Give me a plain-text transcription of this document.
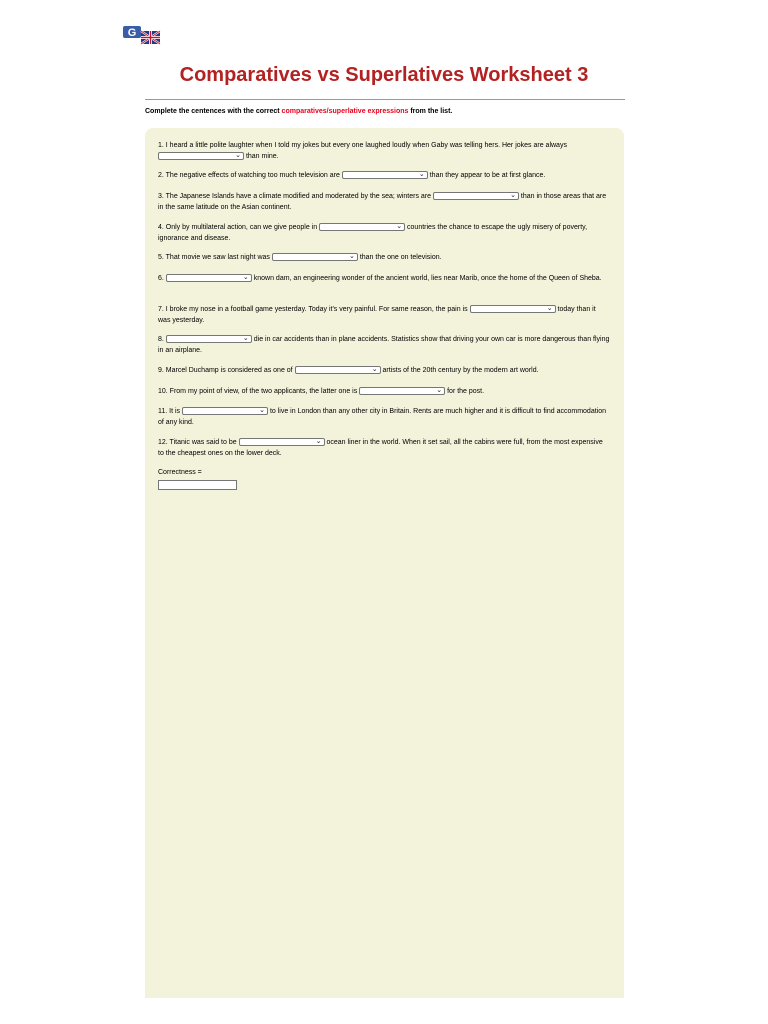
G
Comparatives vs Superlatives Worksheet 3
Complete the centences with the correct comparatives/superlative expressions from the list.
1. I heard a little polite laughter when I told my jokes but every one laughed loudly when Gaby was telling hers. Her jokes are always
⌄ than mine.
2. The negative effects of watching too much television are	⌄ than they appear to be at first glance.
3. The Japanese Islands have a climate modified and moderated by the sea; winters are	⌄ than in those areas that are in the same latitude on the Asian continent.
4. Only by multilateral action, can we give people in	⌄ countries the chance to escape the ugly misery of poverty, ignorance and disease.
5. That movie we saw last night was	⌄ than the one on television.
6.	⌄ known dam, an engineering wonder of the ancient world, lies near Marib, once the home of the Queen of Sheba.
7. I broke my nose in a football game yesterday. Today it's very painful. For same reason, the pain is	⌄ today than it was yesterday.
8.	⌄ die in car accidents than in plane accidents. Statistics show that driving your own car is more dangerous than flying in an airplane.
9. Marcel Duchamp is considered as one of	⌄ artists of the 20th century by the modern art world.
10. From my point of view, of the two applicants, the latter one is	⌄ for the post.
11. It is	⌄ to live in London than any other city in Britain. Rents are much higher and it is difficult to find accommodation of any kind.
12. Titanic was said to be	⌄ ocean liner in the world. When it set sail, all the cabins were full, from the most expensive to the cheapest ones on the lower deck.
Correctness =
